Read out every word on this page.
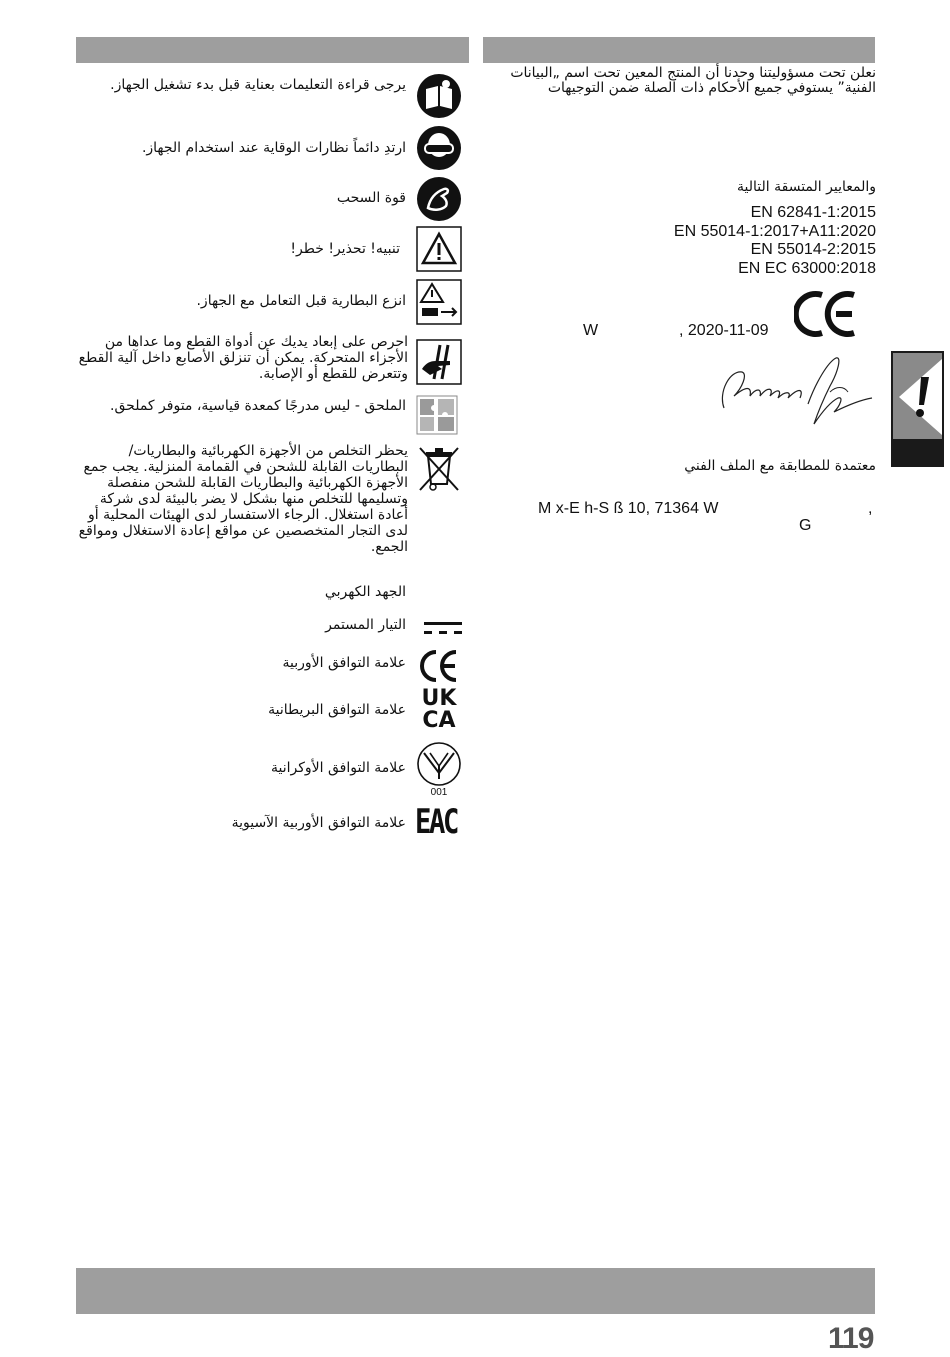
يرجى قراءة التعليمات بعناية قبل بدء تشغيل الجهاز.
ارتدِ دائماً نظارات الوقاية عند استخدام الجهاز.
قوة السحب
تنبيه! تحذير! خطر!
انزع البطارية قبل التعامل مع الجهاز.
احرص على إبعاد يديك عن أدواة القطع وما عداها من الأجزاء المتحركة. يمكن أن تنزلق الأصابع داخل آلية القطع وتتعرض للقطع أو الإصابة.
الملحق - ليس مدرجًا كمعدة قياسية، متوفر كملحق.
يحظر التخلص من الأجهزة الكهربائية والبطاريات/البطاريات القابلة للشحن في القمامة المنزلية. يجب جمع الأجهزة الكهربائية والبطاريات القابلة للشحن منفصلة وتسليمها للتخلص منها بشكل لا يضر بالبيئة لدى شركة أعادة استغلال. الرجاء الاستفسار لدى الهيئات المحلية أو لدى التجار المتخصصين عن مواقع إعادة الاستغلال ومواقع الجمع.
الجهد الكهربي
التيار المستمر
علامة التوافق الأوربية
علامة التوافق البريطانية UK
CA
علامة التوافق الأوكرانية
001
علامة التوافق الأوربية الآسيوية EAC
نعلن تحت مسؤوليتنا وحدنا أن المنتج المعين تحت اسم „البيانات الفنية” يستوفي جميع الأحكام ذات الصلة ضمن التوجيهات
والمعايير المتسقة التالية
EN 62841-1:2015
EN 55014-1:2017+A11:2020
EN 55014-2:2015
EN EC 63000:2018
W	, 2020-11-09
معتمدة للمطابقة مع الملف الفني
M x-E h-S ß 10, 71364 W	,
G
119
